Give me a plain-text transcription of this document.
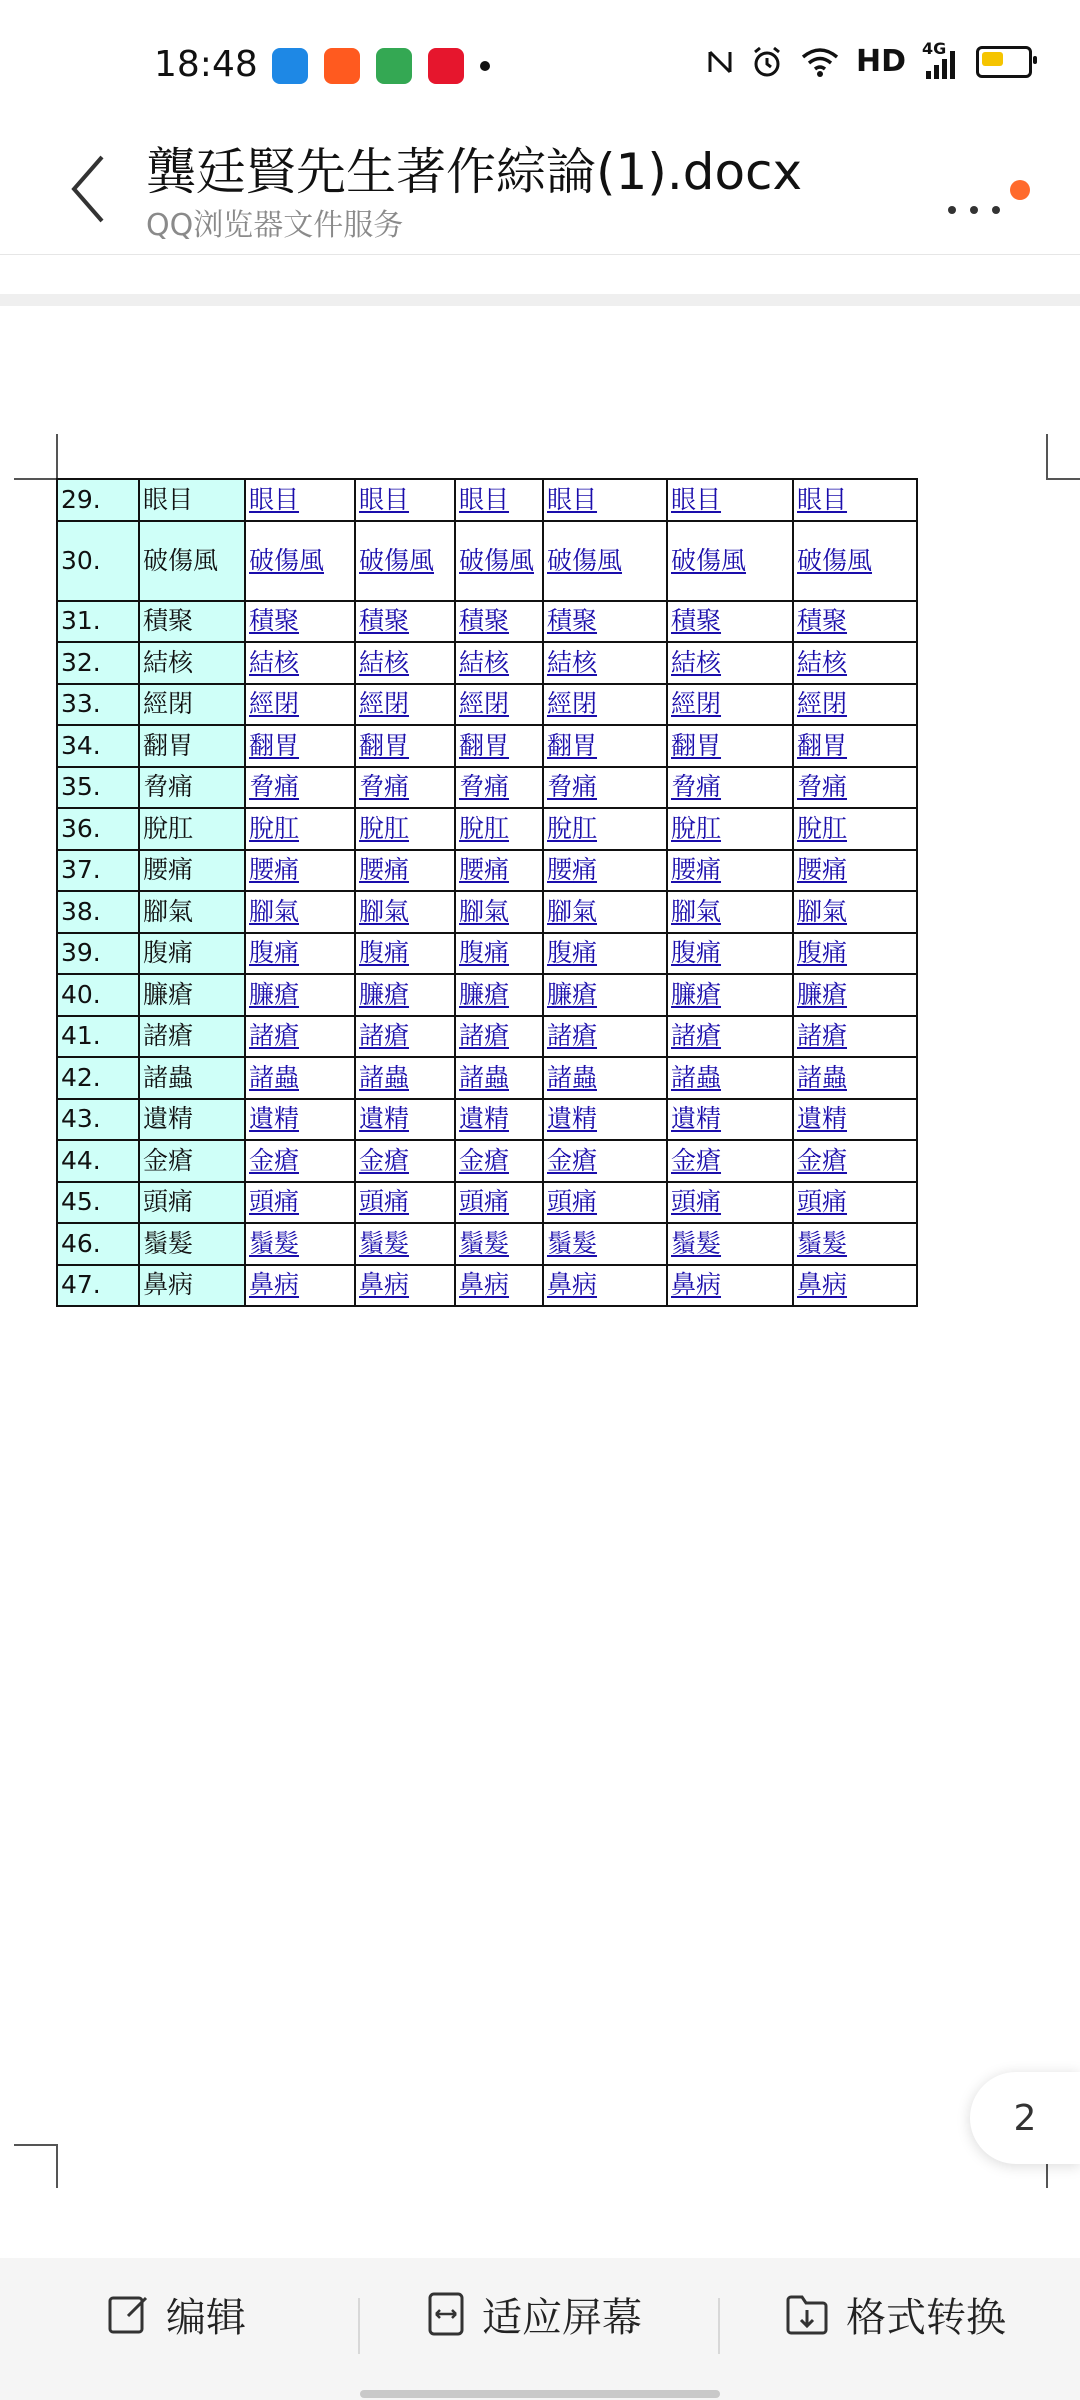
18:48	HD 4G
龔廷賢先生著作綜論(1).docx
QQ浏览器文件服务
29.	眼目	眼目	眼目	眼目	眼目	眼目	眼目
30.	破傷風	破傷風	破傷風	破傷風	破傷風	破傷風	破傷風
31.	積聚	積聚	積聚	積聚	積聚	積聚	積聚
32.	結核	結核	結核	結核	結核	結核	結核
33.	經閉	經閉	經閉	經閉	經閉	經閉	經閉
34.	翻胃	翻胃	翻胃	翻胃	翻胃	翻胃	翻胃
35.	脅痛	脅痛	脅痛	脅痛	脅痛	脅痛	脅痛
36.	脫肛	脫肛	脫肛	脫肛	脫肛	脫肛	脫肛
37.	腰痛	腰痛	腰痛	腰痛	腰痛	腰痛	腰痛
38.	腳氣	腳氣	腳氣	腳氣	腳氣	腳氣	腳氣
39.	腹痛	腹痛	腹痛	腹痛	腹痛	腹痛	腹痛
40.	臁瘡	臁瘡	臁瘡	臁瘡	臁瘡	臁瘡	臁瘡
41.	諸瘡	諸瘡	諸瘡	諸瘡	諸瘡	諸瘡	諸瘡
42.	諸蟲	諸蟲	諸蟲	諸蟲	諸蟲	諸蟲	諸蟲
43.	遺精	遺精	遺精	遺精	遺精	遺精	遺精
44.	金瘡	金瘡	金瘡	金瘡	金瘡	金瘡	金瘡
45.	頭痛	頭痛	頭痛	頭痛	頭痛	頭痛	頭痛
46.	鬚髮	鬚髮	鬚髮	鬚髮	鬚髮	鬚髮	鬚髮
47.	鼻病	鼻病	鼻病	鼻病	鼻病	鼻病	鼻病
2
编辑	适应屏幕	格式转换
